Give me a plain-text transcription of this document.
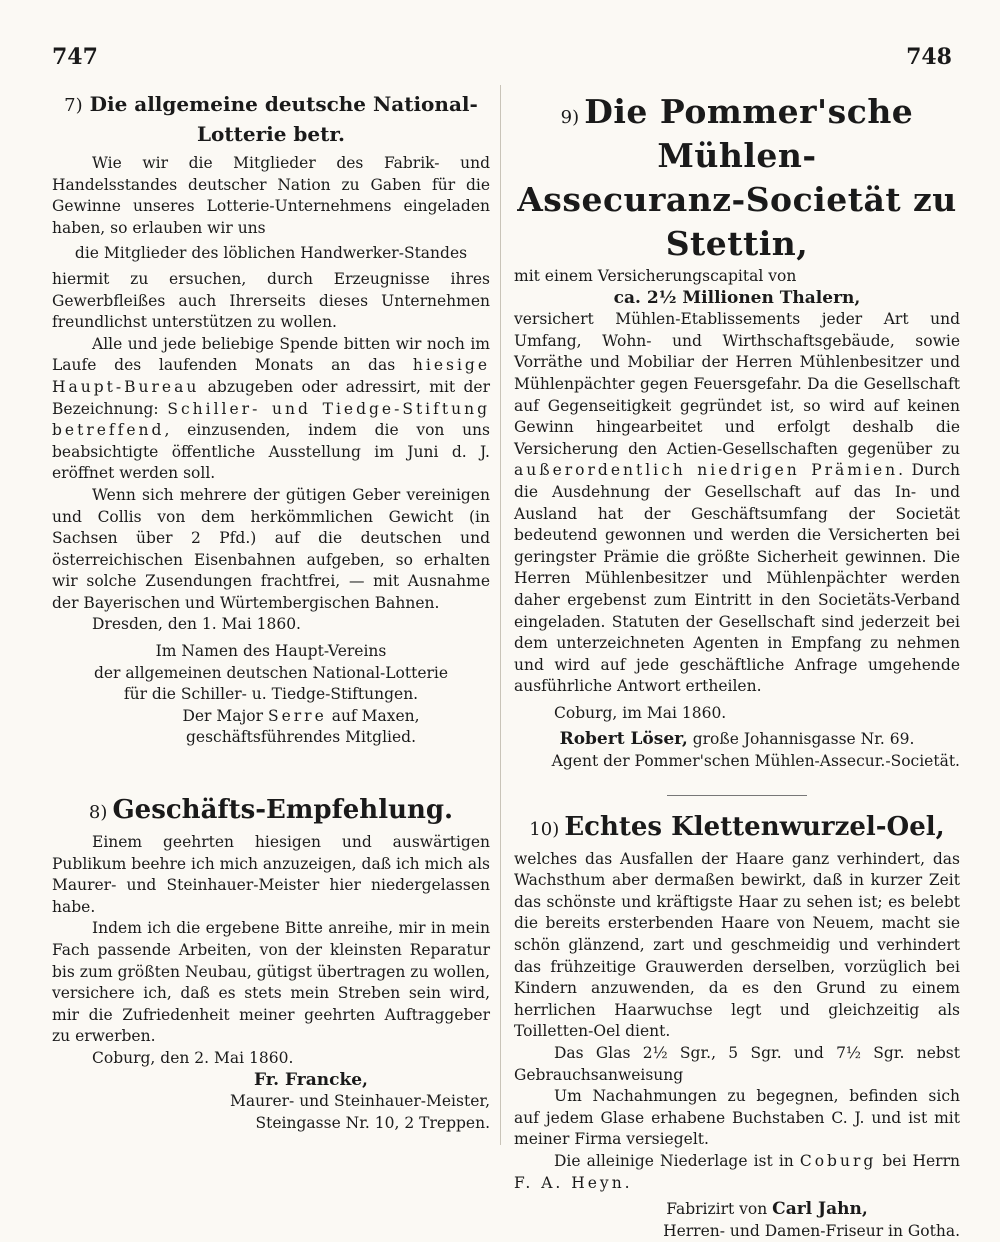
747	748
7) Die allgemeine deutsche National-
Lotterie betr.

Wie wir die Mitglieder des Fabrik- und Handelsstandes deutscher Nation zu Gaben für die Gewinne unseres Lotterie-Unternehmens eingeladen haben, so erlauben wir uns

die Mitglieder des löblichen Handwerker-Standes

hiermit zu ersuchen, durch Erzeugnisse ihres Gewerbfleißes auch Ihrerseits dieses Unternehmen freundlichst unterstützen zu wollen.

Alle und jede beliebige Spende bitten wir noch im Laufe des laufenden Monats an das hiesige Haupt-Bureau abzugeben oder adressirt, mit der Bezeichnung: Schiller- und Tiedge-Stiftung betreffend, einzusenden, indem die von uns beabsichtigte öffentliche Ausstellung im Juni d. J. eröffnet werden soll.

Wenn sich mehrere der gütigen Geber vereinigen und Collis von dem herkömmlichen Gewicht (in Sachsen über 2 Pfd.) auf die deutschen und österreichischen Eisenbahnen aufgeben, so erhalten wir solche Zusendungen frachtfrei, — mit Ausnahme der Bayerischen und Würtembergischen Bahnen.

Dresden, den 1. Mai 1860.

Im Namen des Haupt-Vereins

der allgemeinen deutschen National-Lotterie

für die Schiller- u. Tiedge-Stiftungen.

Der Major Serre auf Maxen,

geschäftsführendes Mitglied.

8) Geschäfts-Empfehlung.

Einem geehrten hiesigen und auswärtigen Publikum beehre ich mich anzuzeigen, daß ich mich als Maurer- und Steinhauer-Meister hier niedergelassen habe.

Indem ich die ergebene Bitte anreihe, mir in mein Fach passende Arbeiten, von der kleinsten Reparatur bis zum größten Neubau, gütigst übertragen zu wollen, versichere ich, daß es stets mein Streben sein wird, mir die Zufriedenheit meiner geehrten Auftraggeber zu erwerben.

Coburg, den 2. Mai 1860.

Fr. Francke,

Maurer- und Steinhauer-Meister,

Steingasse Nr. 10, 2 Treppen.

9) Die Pommer'sche Mühlen-
Assecuranz-Societät zu Stettin,

mit einem Versicherungscapital von

ca. 2½ Millionen Thalern,

versichert Mühlen-Etablissements jeder Art und Umfang, Wohn- und Wirthschaftsgebäude, sowie Vorräthe und Mobiliar der Herren Mühlenbesitzer und Mühlenpächter gegen Feuersgefahr. Da die Gesellschaft auf Gegenseitigkeit gegründet ist, so wird auf keinen Gewinn hingearbeitet und erfolgt deshalb die Versicherung den Actien-Gesellschaften gegenüber zu außerordentlich niedrigen Prämien. Durch die Ausdehnung der Gesellschaft auf das In- und Ausland hat der Geschäftsumfang der Societät bedeutend gewonnen und werden die Versicherten bei geringster Prämie die größte Sicherheit gewinnen. Die Herren Mühlenbesitzer und Mühlenpächter werden daher ergebenst zum Eintritt in den Societäts-Verband eingeladen. Statuten der Gesellschaft sind jederzeit bei dem unterzeichneten Agenten in Empfang zu nehmen und wird auf jede geschäftliche Anfrage umgehende ausführliche Antwort ertheilen.

Coburg, im Mai 1860.

Robert Löser, große Johannisgasse Nr. 69.

Agent der Pommer'schen Mühlen-Assecur.-Societät.

10) Echtes Klettenwurzel-Oel,

welches das Ausfallen der Haare ganz verhindert, das Wachsthum aber dermaßen bewirkt, daß in kurzer Zeit das schönste und kräftigste Haar zu sehen ist; es belebt die bereits ersterbenden Haare von Neuem, macht sie schön glänzend, zart und geschmeidig und verhindert das frühzeitige Grauwerden derselben, vorzüglich bei Kindern anzuwenden, da es den Grund zu einem herrlichen Haarwuchse legt und gleichzeitig als Toilletten-Oel dient.

Das Glas 2½ Sgr., 5 Sgr. und 7½ Sgr. nebst Gebrauchsanweisung

Um Nachahmungen zu begegnen, befinden sich auf jedem Glase erhabene Buchstaben C. J. und ist mit meiner Firma versiegelt.

Die alleinige Niederlage ist in Coburg bei Herrn F. A. Heyn.

Fabrizirt von Carl Jahn,

Herren- und Damen-Friseur in Gotha.
